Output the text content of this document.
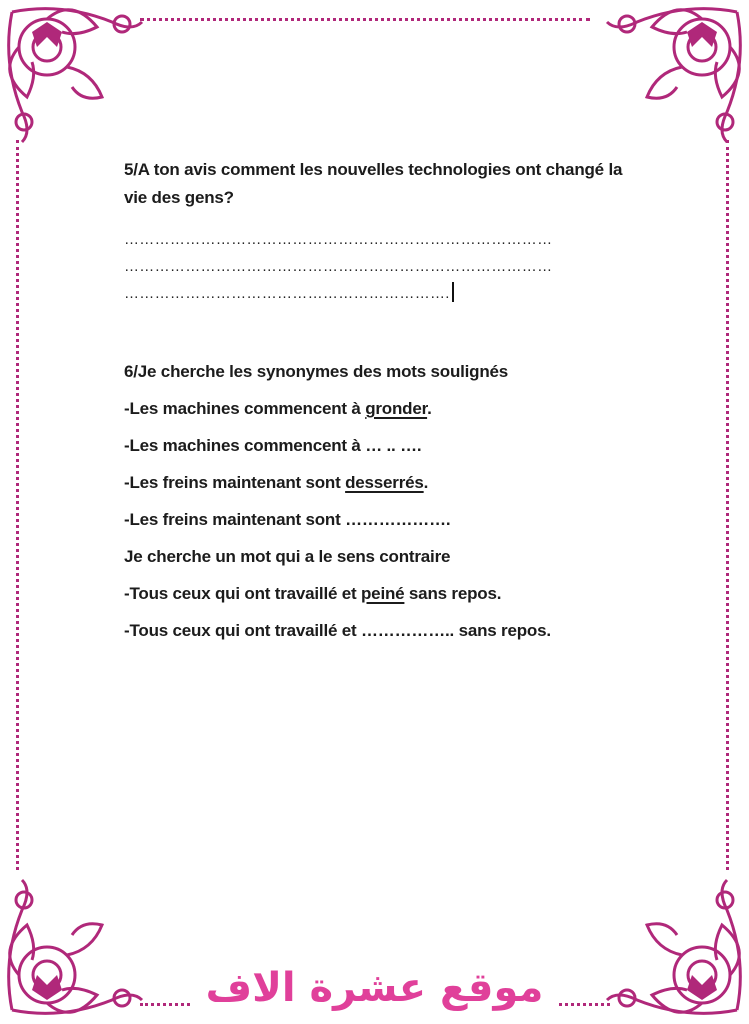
5/A ton avis comment les nouvelles technologies ont changé la vie des gens?
…………………………………………………………………………
…………………………………………………………………………
……………………………………………………….
6/Je cherche les synonymes des mots soulignés
-Les machines commencent à gronder.
-Les machines commencent à … .. ….
-Les freins maintenant sont desserrés.
-Les freins maintenant sont ……………….
Je cherche un mot qui a le sens contraire
-Tous ceux qui ont travaillé et peiné sans repos.
-Tous ceux qui ont travaillé et …………….. sans repos.
موقع عشرة الاف
